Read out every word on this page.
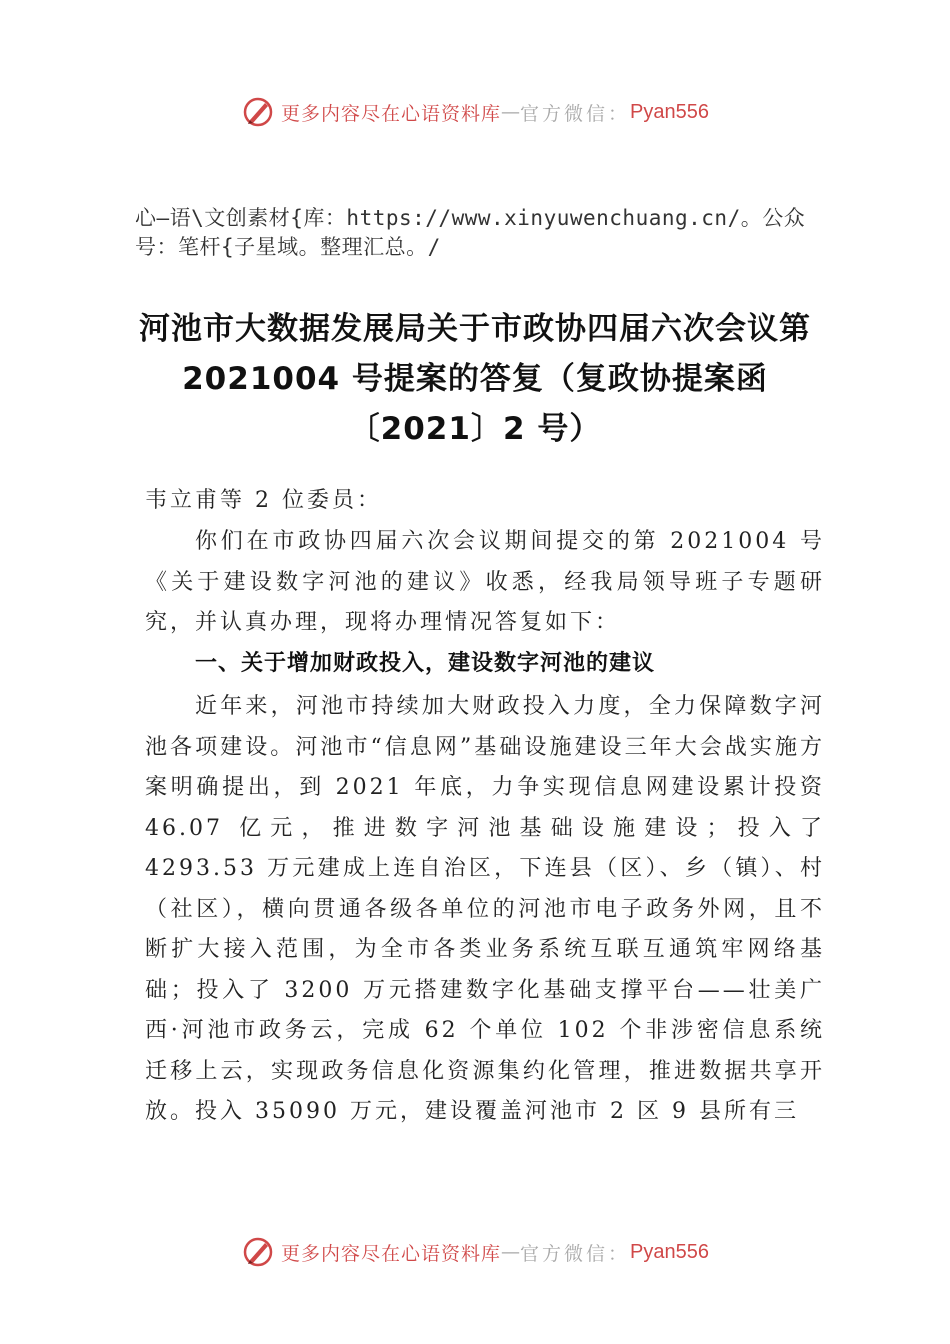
更多内容尽在心语资料库 — 官方微信： Pyan556
心—语\文创素材{库：https://www.xinyuwenchuang.cn/。公众号：笔杆{子星域。整理汇总。/
河池市大数据发展局关于市政协四届六次会议第 2021004 号提案的答复（复政协提案函〔2021〕2 号）
韦立甫等 2 位委员：
你们在市政协四届六次会议期间提交的第 2021004 号《关于建设数字河池的建议》收悉，经我局领导班子专题研究，并认真办理，现将办理情况答复如下：
一、关于增加财政投入，建设数字河池的建议
近年来，河池市持续加大财政投入力度，全力保障数字河池各项建设。河池市“信息网”基础设施建设三年大会战实施方案明确提出，到 2021 年底，力争实现信息网建设累计投资 46.07 亿元，推进数字河池基础设施建设；投入了 4293.53 万元建成上连自治区，下连县（区）、乡（镇）、村（社区），横向贯通各级各单位的河池市电子政务外网，且不断扩大接入范围，为全市各类业务系统互联互通筑牢网络基础；投入了 3200 万元搭建数字化基础支撑平台——壮美广西·河池市政务云，完成 62 个单位 102 个非涉密信息系统迁移上云，实现政务信息化资源集约化管理，推进数据共享开放。投入 35090 万元，建设覆盖河池市 2 区 9 县所有三
更多内容尽在心语资料库 — 官方微信： Pyan556
